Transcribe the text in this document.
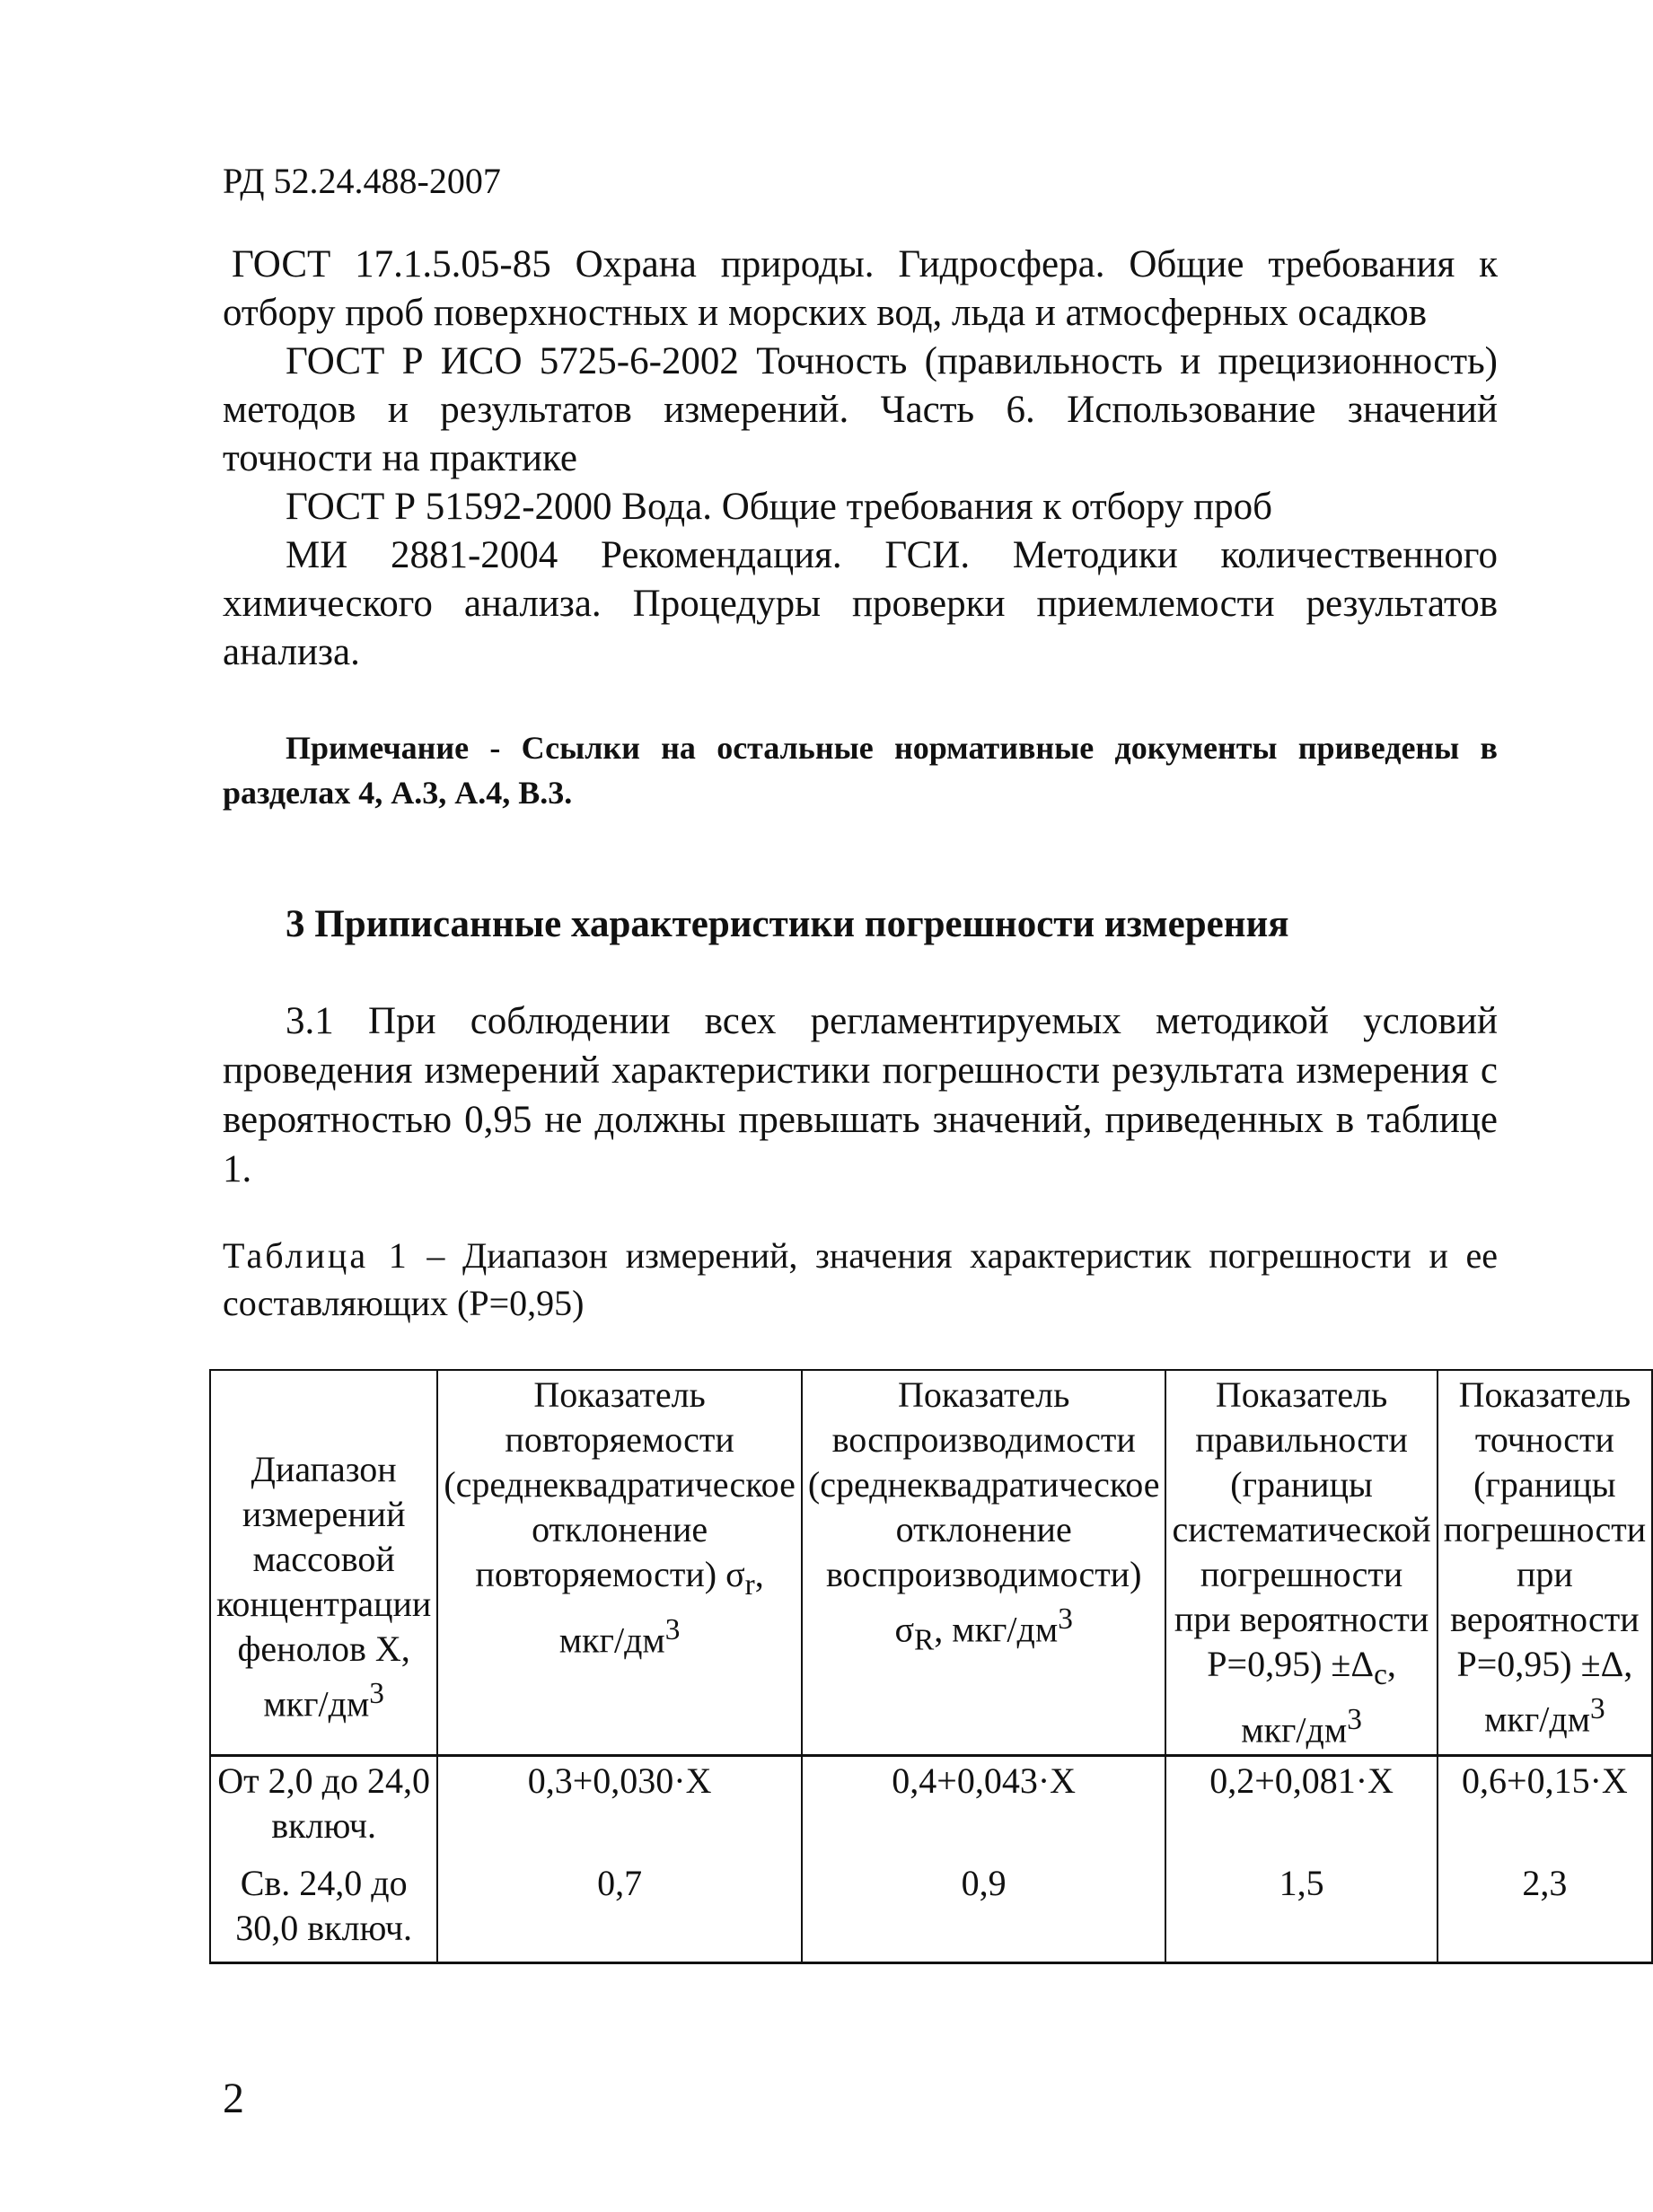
РД 52.24.488-2007

ГОСТ 17.1.5.05-85 Охрана природы. Гидросфера. Общие требования к отбору проб поверхностных и морских вод, льда и атмосферных осадков

ГОСТ Р ИСО 5725-6-2002 Точность (правильность и прецизионность) методов и результатов измерений. Часть 6. Использование значений точности на практике

ГОСТ Р 51592-2000 Вода. Общие требования к отбору проб

МИ 2881-2004 Рекомендация. ГСИ. Методики количественного химического анализа. Процедуры проверки приемлемости результатов анализа.

Примечание - Ссылки на остальные нормативные документы приведены в разделах 4, А.3, А.4, В.3.
3 Приписанные характеристики погрешности измерения

3.1 При соблюдении всех регламентируемых методикой условий проведения измерений характеристики погрешности результата измерения с вероятностью 0,95 не должны превышать значений, приведенных в таблице 1.

Таблица 1 – Диапазон измерений, значения характеристик погрешности и ее составляющих (Р=0,95)
Диапазон измерений массовой концентрации фенолов Х, мкг/$дм^3$	Показатель повторяемости (среднеквадратическое отклонение повторяемости) $\sigma_r$, мкг/$дм^3$	Показатель воспроизводимости (среднеквадратическое отклонение воспроизводимости) $\sigma_R$, мкг/$дм^3$	Показатель правильности (границы систематической погрешности при вероятности $Р=0,95) \pm\Delta_c$, мкг/$дм^3$	Показатель точности (границы погрешности при вероятности Р=0,95) ±Δ, мкг/$дм^3$
От 2,0 до 24,0 включ.	0,3+0,030·Х	0,4+0,043·Х	0,2+0,081·Х	0,6+0,15·Х
Св. 24,0 до 30,0 включ.	0,7	0,9	1,5	2,3
2
